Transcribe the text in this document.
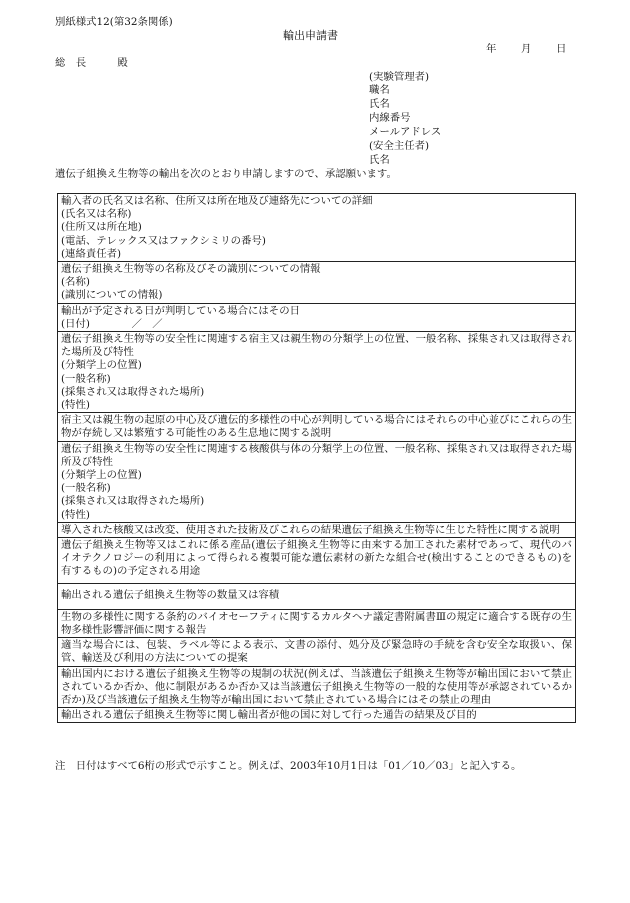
別紙様式12(第32条関係)
輸出申請書
年 月 日
総　長　　　殿
(実験管理者)
職名
氏名
内線番号
メールアドレス
(安全主任者)
氏名
遺伝子組換え生物等の輸出を次のとおり申請しますので、承認願います。
輸入者の氏名又は名称、住所又は所在地及び連絡先についての詳細
(氏名又は名称)
(住所又は所在地)
(電話、テレックス又はファクシミリの番号)
(連絡責任者)

遺伝子組換え生物等の名称及びその識別についての情報
(名称)
(識別についての情報)

輸出が予定される日が判明している場合にはその日
(日付)　　　　／　／

遺伝子組換え生物等の安全性に関連する宿主又は親生物の分類学上の位置、一般名称、採集され又は取得された場所及び特性
(分類学上の位置)
(一般名称)
(採集され又は取得された場所)
(特性)

宿主又は親生物の起原の中心及び遺伝的多様性の中心が判明している場合にはそれらの中心並びにこれらの生物が存続し又は繁殖する可能性のある生息地に関する説明

遺伝子組換え生物等の安全性に関連する核酸供与体の分類学上の位置、一般名称、採集され又は取得された場所及び特性
(分類学上の位置)
(一般名称)
(採集され又は取得された場所)
(特性)

導入された核酸又は改変、使用された技術及びこれらの結果遺伝子組換え生物等に生じた特性に関する説明

遺伝子組換え生物等又はこれに係る産品(遺伝子組換え生物等に由来する加工された素材であって、現代のバイオテクノロジーの利用によって得られる複製可能な遺伝素材の新たな組合せ(検出することのできるもの)を有するもの)の予定される用途

輸出される遺伝子組換え生物等の数量又は容積

生物の多様性に関する条約のバイオセーフティに関するカルタヘナ議定書附属書Ⅲの規定に適合する既存の生物多様性影響評価に関する報告

適当な場合には、包装、ラベル等による表示、文書の添付、処分及び緊急時の手続を含む安全な取扱い、保管、輸送及び利用の方法についての提案

輸出国内における遺伝子組換え生物等の規制の状況(例えば、当該遺伝子組換え生物等が輸出国において禁止されているか否か、他に制限があるか否か又は当該遺伝子組換え生物等の一般的な使用等が承認されているか否か)及び当該遺伝子組換え生物等が輸出国において禁止されている場合にはその禁止の理由

輸出される遺伝子組換え生物等に関し輸出者が他の国に対して行った通告の結果及び目的
注　日付はすべて6桁の形式で示すこと。例えば、2003年10月1日は「01／10／03」と記入する。
